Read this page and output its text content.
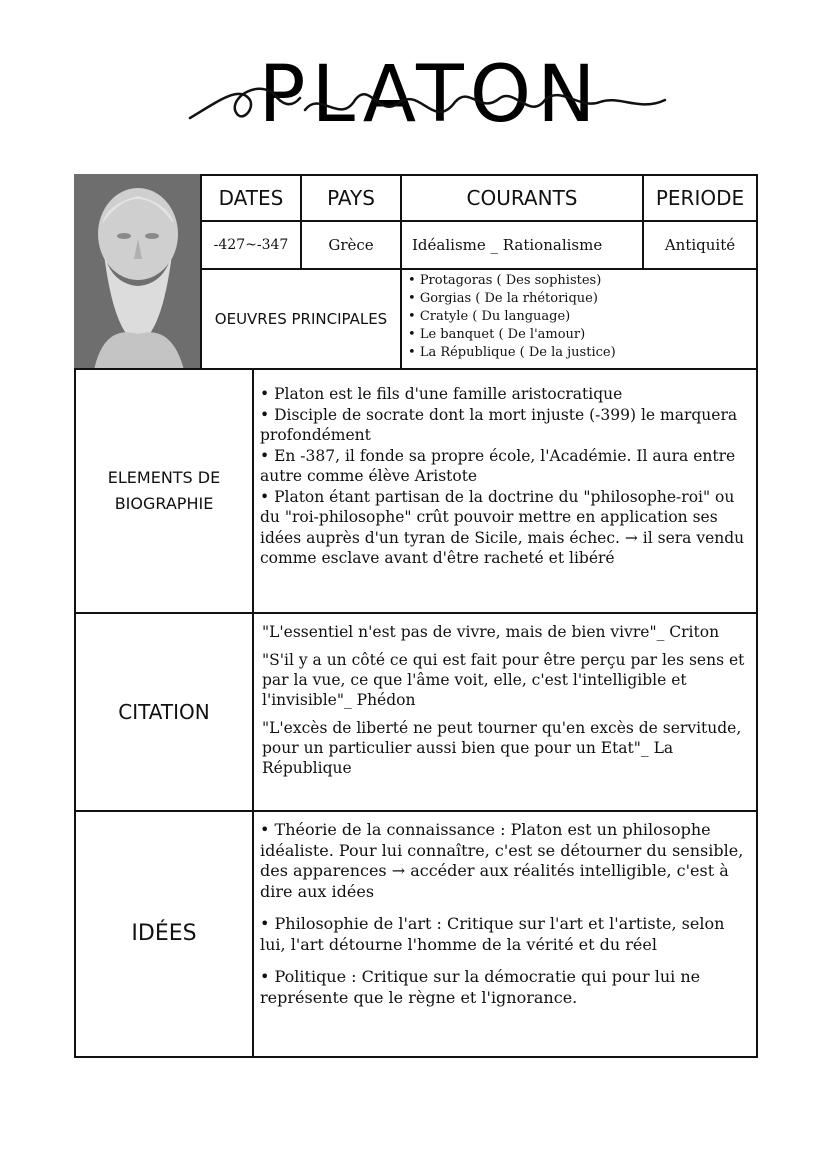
PLATON
DATES	PAYS	COURANTS	PERIODE
-427~-347	Grèce	Idéalisme _ Rationalisme	Antiquité
OEUVRES PRINCIPALES
• Protagoras ( Des sophistes)
• Gorgias ( De la rhétorique)
• Cratyle ( Du language)
• Le banquet ( De l'amour)
• La République ( De la justice)
ELEMENTS DE BIOGRAPHIE

• Platon est le fils d'une famille aristocratique

• Disciple de socrate dont la mort injuste (-399) le marquera profondément

• En -387, il fonde sa propre école, l'Académie. Il aura entre autre comme élève Aristote

• Platon étant partisan de la doctrine du "philosophe-roi" ou du "roi-philosophe" crût pouvoir mettre en application ses idées auprès d'un tyran de Sicile, mais échec. → il sera vendu comme esclave avant d'être racheté et libéré

CITATION

"L'essentiel n'est pas de vivre, mais de bien vivre"_ Criton

"S'il y a un côté ce qui est fait pour être perçu par les sens et par la vue, ce que l'âme voit, elle, c'est l'intelligible et l'invisible"_ Phédon

"L'excès de liberté ne peut tourner qu'en excès de servitude, pour un particulier aussi bien que pour un Etat"_ La République

IDÉES

• Théorie de la connaissance : Platon est un philosophe idéaliste. Pour lui connaître, c'est se détourner du sensible, des apparences → accéder aux réalités intelligible, c'est à dire aux idées

• Philosophie de l'art : Critique sur l'art et l'artiste, selon lui, l'art détourne l'homme de la vérité et du réel

• Politique : Critique sur la démocratie qui pour lui ne représente que le règne et l'ignorance.
